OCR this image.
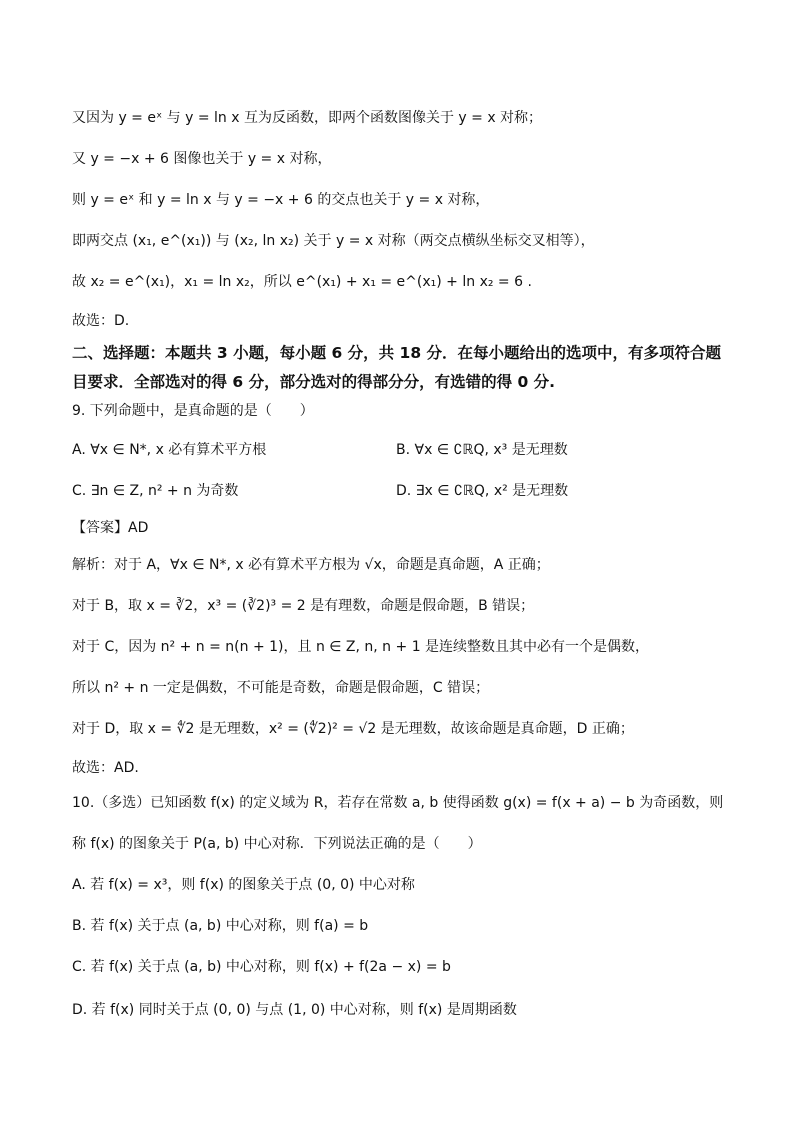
又因为 y = eˣ 与 y = ln x 互为反函数，即两个函数图像关于 y = x 对称；
又 y = −x + 6 图像也关于 y = x 对称，
则 y = eˣ 和 y = ln x 与 y = −x + 6 的交点也关于 y = x 对称，
即两交点 (x₁, e^(x₁)) 与 (x₂, ln x₂) 关于 y = x 对称（两交点横纵坐标交叉相等），
故 x₂ = e^(x₁)，x₁ = ln x₂，所以 e^(x₁) + x₁ = e^(x₁) + ln x₂ = 6 .
故选：D.
二、选择题：本题共 3 小题，每小题 6 分，共 18 分．在每小题给出的选项中，有多项符合题
目要求．全部选对的得 6 分，部分选对的得部分分，有选错的得 0 分.
9. 下列命题中，是真命题的是（　　）
A. ∀x ∈ N*, x 必有算术平方根	B. ∀x ∈ ∁ℝQ, x³ 是无理数
C. ∃n ∈ Z, n² + n 为奇数	D. ∃x ∈ ∁ℝQ, x² 是无理数
【答案】AD
解析：对于 A，∀x ∈ N*, x 必有算术平方根为 √x，命题是真命题，A 正确；
对于 B，取 x = ∛2，x³ = (∛2)³ = 2 是有理数，命题是假命题，B 错误；
对于 C，因为 n² + n = n(n + 1)，且 n ∈ Z, n, n + 1 是连续整数且其中必有一个是偶数，
所以 n² + n 一定是偶数，不可能是奇数，命题是假命题，C 错误；
对于 D，取 x = ∜2 是无理数，x² = (∜2)² = √2 是无理数，故该命题是真命题，D 正确；
故选：AD.
10.（多选）已知函数 f(x) 的定义域为 R，若存在常数 a, b 使得函数 g(x) = f(x + a) − b 为奇函数，则
称 f(x) 的图象关于 P(a, b) 中心对称．下列说法正确的是（　　）
A. 若 f(x) = x³，则 f(x) 的图象关于点 (0, 0) 中心对称
B. 若 f(x) 关于点 (a, b) 中心对称，则 f(a) = b
C. 若 f(x) 关于点 (a, b) 中心对称，则 f(x) + f(2a − x) = b
D. 若 f(x) 同时关于点 (0, 0) 与点 (1, 0) 中心对称，则 f(x) 是周期函数
